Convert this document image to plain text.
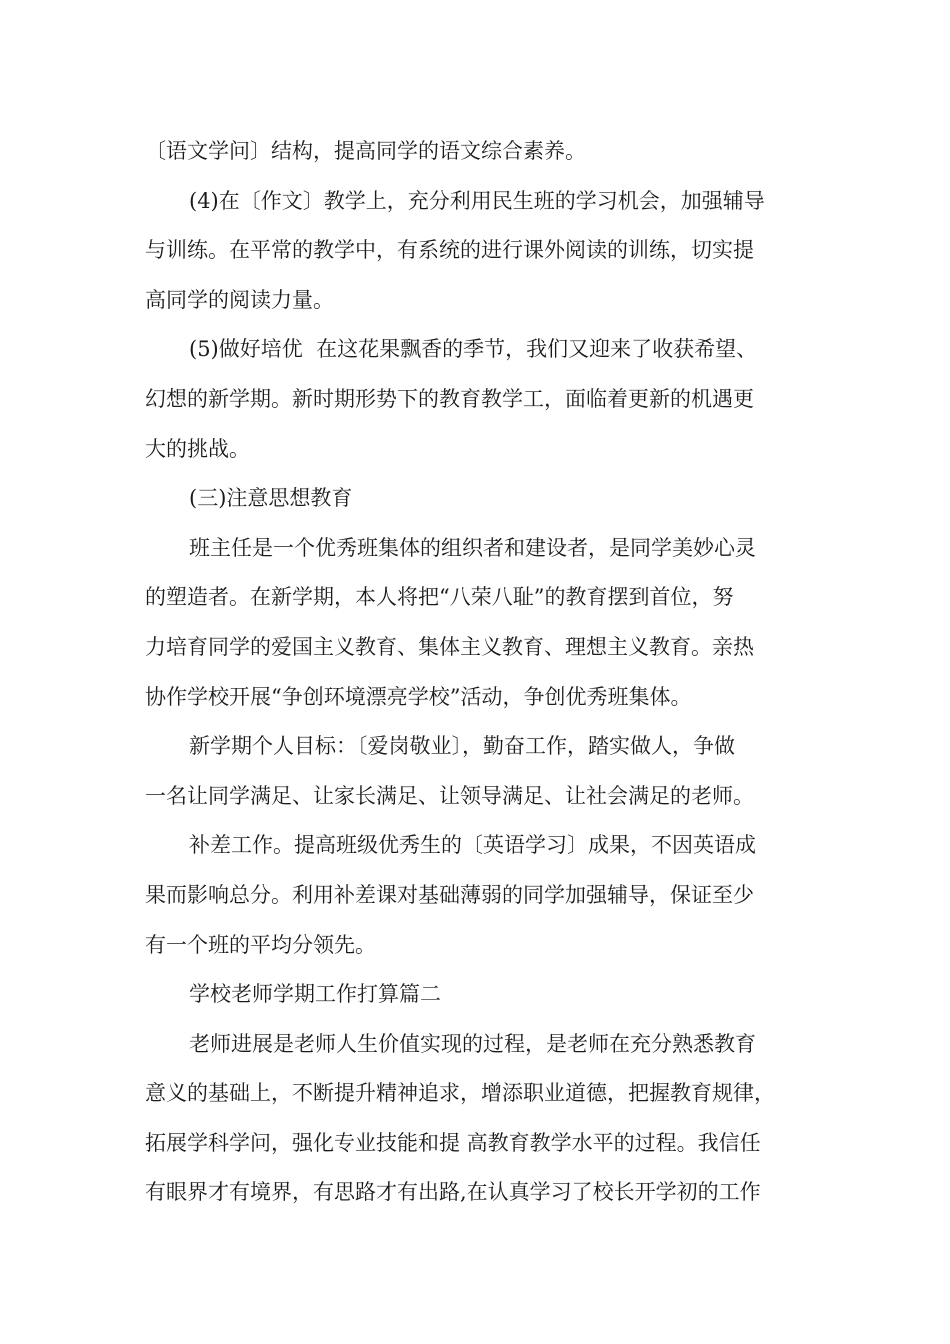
〔语文学问〕结构，提高同学的语文综合素养。
(4)在〔作文〕教学上，充分利用民生班的学习机会，加强辅导
与训练。在平常的教学中，有系统的进行课外阅读的训练，切实提
高同学的阅读力量。
(5)做好培优  在这花果飘香的季节，我们又迎来了收获希望、
幻想的新学期。新时期形势下的教育教学工，面临着更新的机遇更
大的挑战。
(三)注意思想教育
班主任是一个优秀班集体的组织者和建设者，是同学美妙心灵
的塑造者。在新学期，本人将把“八荣八耻”的教育摆到首位，努
力培育同学的爱国主义教育、集体主义教育、理想主义教育。亲热
协作学校开展“争创环境漂亮学校”活动，争创优秀班集体。
新学期个人目标：〔爱岗敬业〕，勤奋工作，踏实做人，争做
一名让同学满足、让家长满足、让领导满足、让社会满足的老师。
补差工作。提高班级优秀生的〔英语学习〕成果，不因英语成
果而影响总分。利用补差课对基础薄弱的同学加强辅导，保证至少
有一个班的平均分领先。
学校老师学期工作打算篇二
老师进展是老师人生价值实现的过程，是老师在充分熟悉教育
意义的基础上，不断提升精神追求，增添职业道德，把握教育规律，
拓展学科学问，强化专业技能和提 高教育教学水平的过程。我信任
有眼界才有境界，有思路才有出路,在认真学习了校长开学初的工作
